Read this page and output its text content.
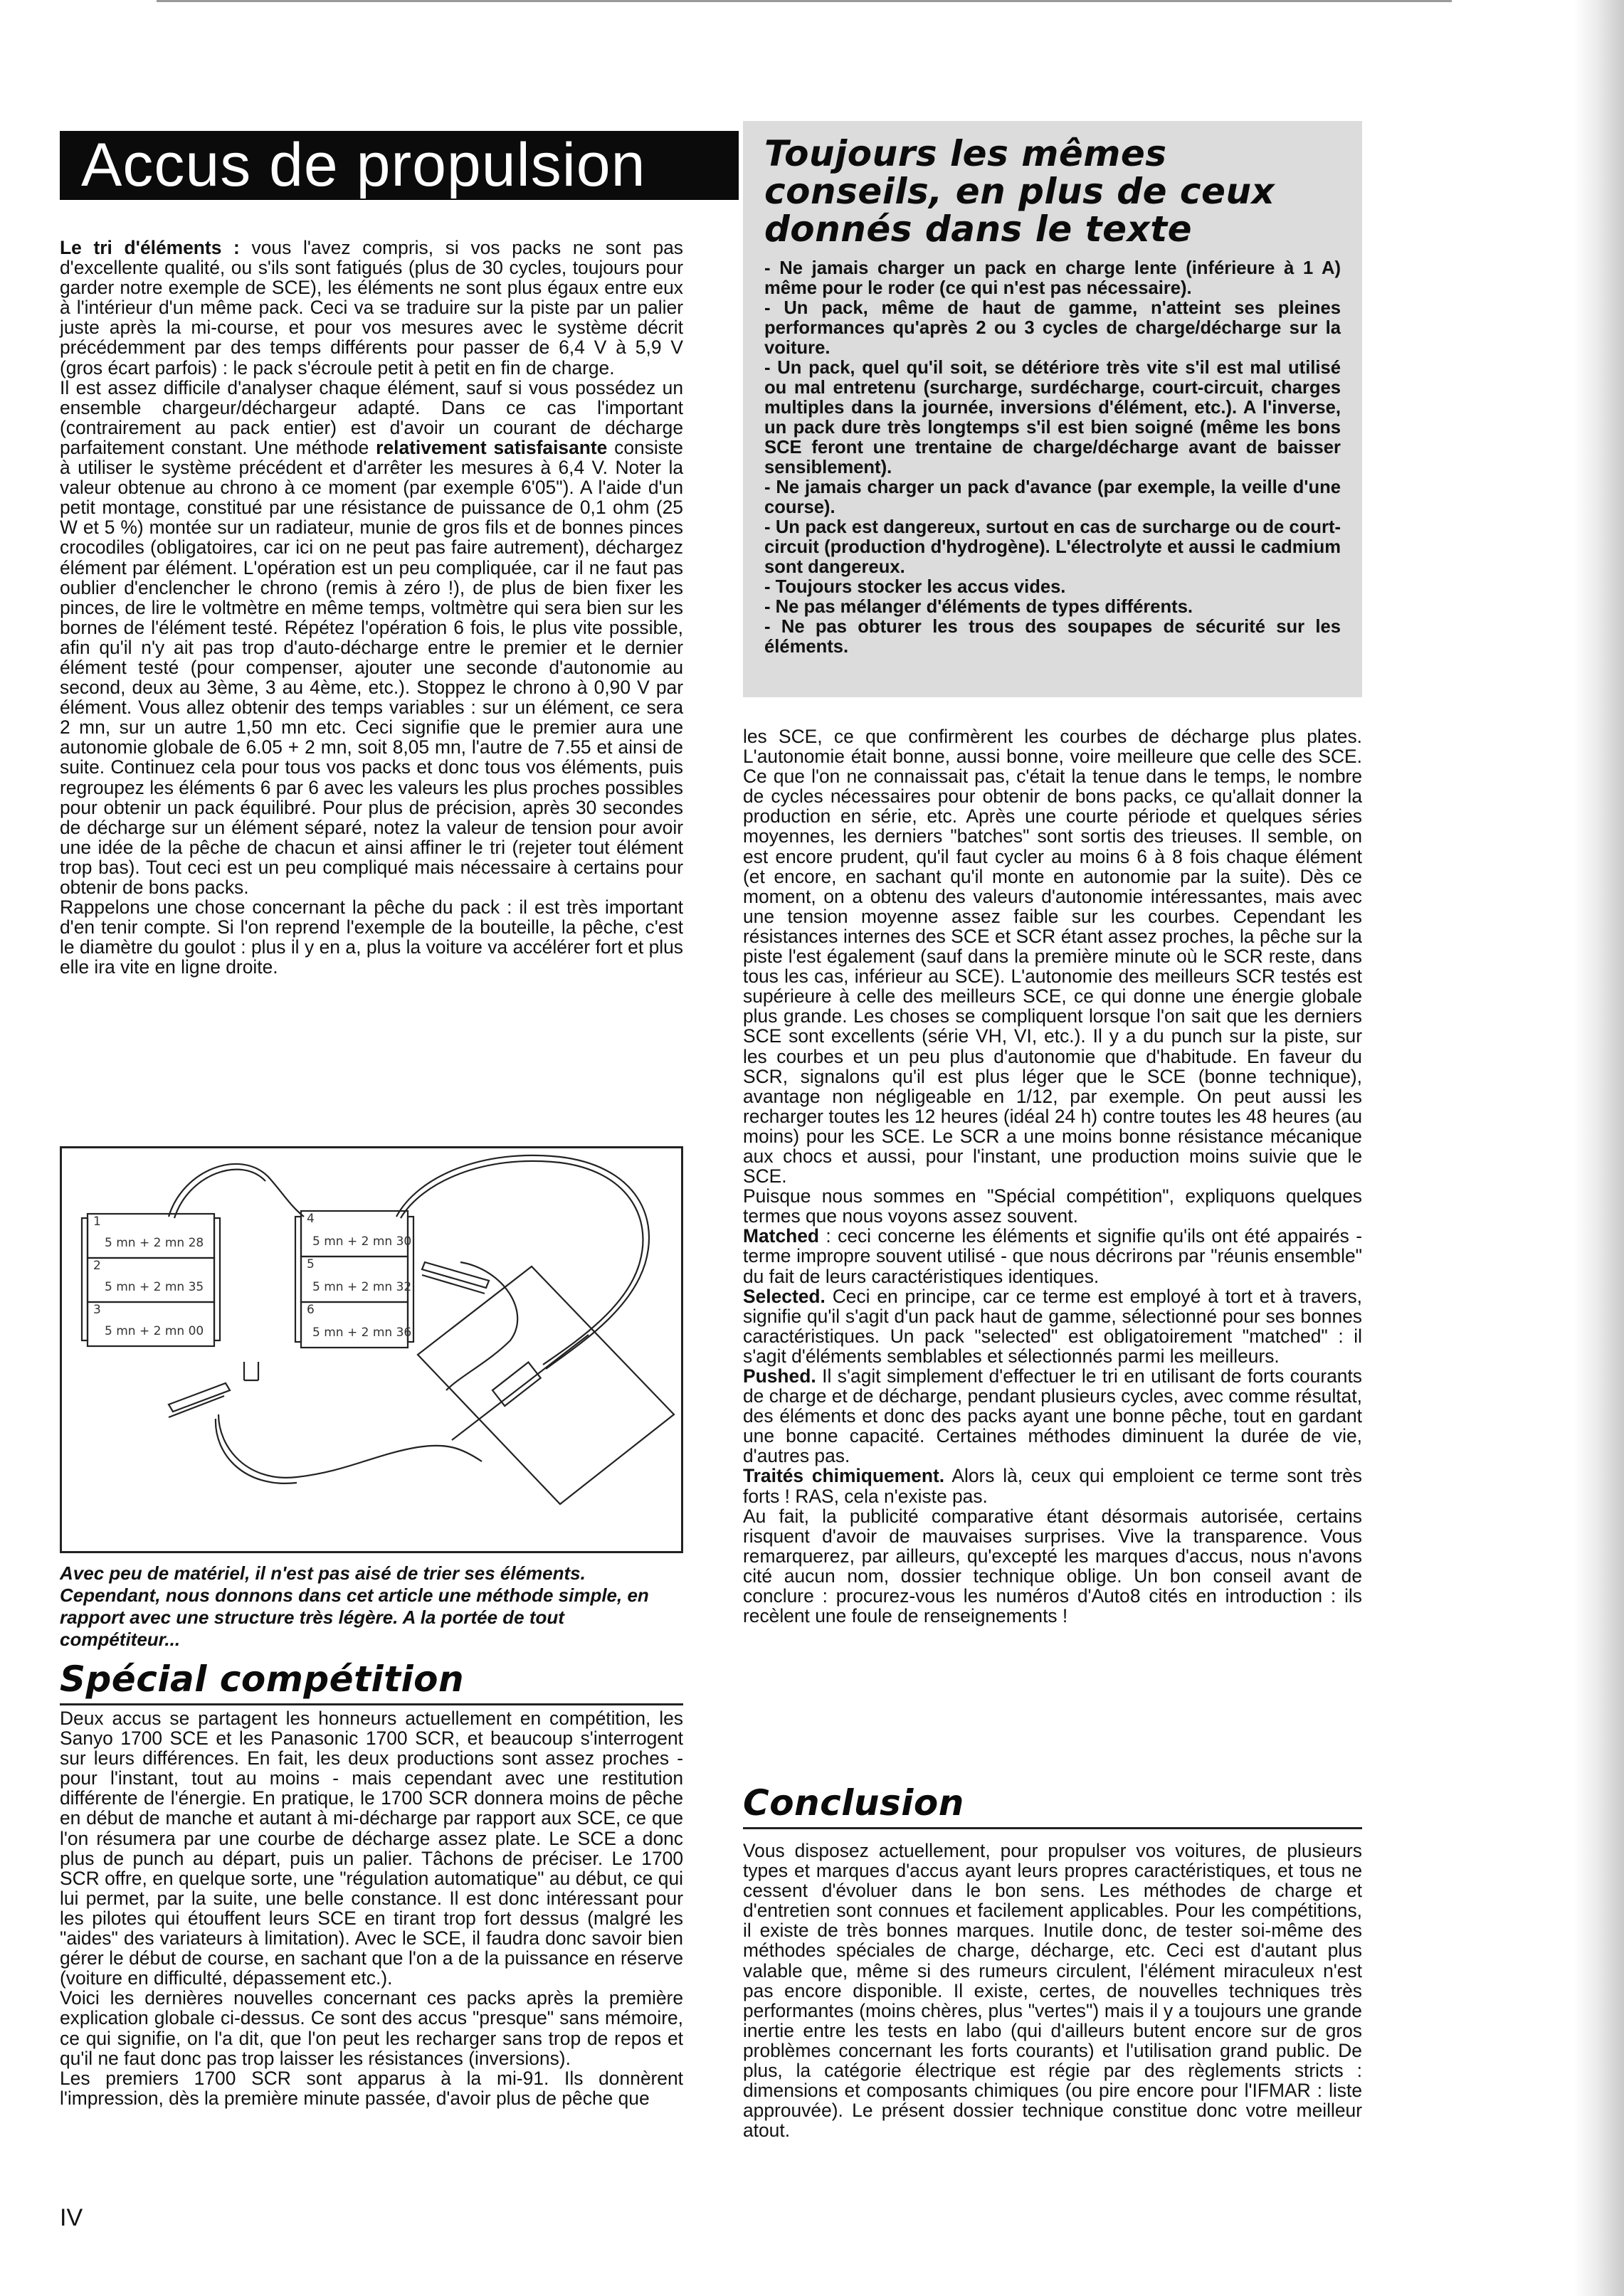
Accus de propulsion	Toujours les mêmes conseils, en plus de ceux donnés dans le texte
- Ne jamais charger un pack en charge lente (inférieure à 1 A) même pour le roder (ce qui n'est pas nécessaire).
- Un pack, même de haut de gamme, n'atteint ses pleines performances qu'après 2 ou 3 cycles de charge/décharge sur la voiture.
- Un pack, quel qu'il soit, se détériore très vite s'il est mal utilisé ou mal entretenu (surcharge, surdécharge, court-circuit, charges multiples dans la journée, inversions d'élément, etc.). A l'inverse, un pack dure très longtemps s'il est bien soigné (même les bons SCE feront une trentaine de charge/décharge avant de baisser sensiblement).
- Ne jamais charger un pack d'avance (par exemple, la veille d'une course).
- Un pack est dangereux, surtout en cas de surcharge ou de court-circuit (production d'hydrogène). L'électrolyte et aussi le cadmium sont dangereux.
- Toujours stocker les accus vides.
- Ne pas mélanger d'éléments de types différents.
- Ne pas obturer les trous des soupapes de sécurité sur les éléments.

Le tri d'éléments : vous l'avez compris, si vos packs ne sont pas d'excellente qualité, ou s'ils sont fatigués (plus de 30 cycles, toujours pour garder notre exemple de SCE), les éléments ne sont plus égaux entre eux à l'intérieur d'un même pack. Ceci va se traduire sur la piste par un palier juste après la mi-course, et pour vos mesures avec le système décrit précédemment par des temps différents pour passer de 6,4 V à 5,9 V (gros écart parfois) : le pack s'écroule petit à petit en fin de charge.

Il est assez difficile d'analyser chaque élément, sauf si vous possédez un ensemble chargeur/déchargeur adapté. Dans ce cas l'important (contrairement au pack entier) est d'avoir un courant de décharge parfaitement constant. Une méthode relativement satisfaisante consiste à utiliser le système précédent et d'arrêter les mesures à 6,4 V. Noter la valeur obtenue au chrono à ce moment (par exemple 6'05"). A l'aide d'un petit montage, constitué par une résistance de puissance de 0,1 ohm (25 W et 5 %) montée sur un radiateur, munie de gros fils et de bonnes pinces crocodiles (obligatoires, car ici on ne peut pas faire autrement), déchargez élément par élément. L'opération est un peu compliquée, car il ne faut pas oublier d'enclencher le chrono (remis à zéro !), de plus de bien fixer les pinces, de lire le voltmètre en même temps, voltmètre qui sera bien sur les bornes de l'élément testé. Répétez l'opération 6 fois, le plus vite possible, afin qu'il n'y ait pas trop d'auto-décharge entre le premier et le dernier élément testé (pour compenser, ajouter une seconde d'autonomie au second, deux au 3ème, 3 au 4ème, etc.). Stoppez le chrono à 0,90 V par élément. Vous allez obtenir des temps variables : sur un élément, ce sera 2 mn, sur un autre 1,50 mn etc. Ceci signifie que le premier aura une autonomie globale de 6.05 + 2 mn, soit 8,05 mn, l'autre de 7.55 et ainsi de suite. Continuez cela pour tous vos packs et donc tous vos éléments, puis regroupez les éléments 6 par 6 avec les valeurs les plus proches possibles pour obtenir un pack équilibré. Pour plus de précision, après 30 secondes de décharge sur un élément séparé, notez la valeur de tension pour avoir une idée de la pêche de chacun et ainsi affiner le tri (rejeter tout élément trop bas). Tout ceci est un peu compliqué mais nécessaire à certains pour obtenir de bons packs.

Rappelons une chose concernant la pêche du pack : il est très important d'en tenir compte. Si l'on reprend l'exemple de la bouteille, la pêche, c'est le diamètre du goulot : plus il y en a, plus la voiture va accélérer fort et plus elle ira vite en ligne droite.

1
5 mn + 2 mn 28
2
5 mn + 2 mn 35
3
5 mn + 2 mn 00
4
5 mn + 2 mn 30
5
5 mn + 2 mn 32
6
5 mn + 2 mn 36
Avec peu de matériel, il n'est pas aisé de trier ses éléments. Cependant, nous donnons dans cet article une méthode simple, en rapport avec une structure très légère. A la portée de tout compétiteur...
Spécial compétition

Deux accus se partagent les honneurs actuellement en compétition, les Sanyo 1700 SCE et les Panasonic 1700 SCR, et beaucoup s'interrogent sur leurs différences. En fait, les deux productions sont assez proches - pour l'instant, tout au moins - mais cependant avec une restitution différente de l'énergie. En pratique, le 1700 SCR donnera moins de pêche en début de manche et autant à mi-décharge par rapport aux SCE, ce que l'on résumera par une courbe de décharge assez plate. Le SCE a donc plus de punch au départ, puis un palier. Tâchons de préciser. Le 1700 SCR offre, en quelque sorte, une "régulation automatique" au début, ce qui lui permet, par la suite, une belle constance. Il est donc intéressant pour les pilotes qui étouffent leurs SCE en tirant trop fort dessus (malgré les "aides" des variateurs à limitation). Avec le SCE, il faudra donc savoir bien gérer le début de course, en sachant que l'on a de la puissance en réserve (voiture en difficulté, dépassement etc.).

Voici les dernières nouvelles concernant ces packs après la première explication globale ci-dessus. Ce sont des accus "presque" sans mémoire, ce qui signifie, on l'a dit, que l'on peut les recharger sans trop de repos et qu'il ne faut donc pas trop laisser les résistances (inversions).

Les premiers 1700 SCR sont apparus à la mi-91. Ils donnèrent l'impression, dès la première minute passée, d'avoir plus de pêche que

les SCE, ce que confirmèrent les courbes de décharge plus plates. L'autonomie était bonne, aussi bonne, voire meilleure que celle des SCE. Ce que l'on ne connaissait pas, c'était la tenue dans le temps, le nombre de cycles nécessaires pour obtenir de bons packs, ce qu'allait donner la production en série, etc. Après une courte période et quelques séries moyennes, les derniers "batches" sont sortis des trieuses. Il semble, on est encore prudent, qu'il faut cycler au moins 6 à 8 fois chaque élément (et encore, en sachant qu'il monte en autonomie par la suite). Dès ce moment, on a obtenu des valeurs d'autonomie intéressantes, mais avec une tension moyenne assez faible sur les courbes. Cependant les résistances internes des SCE et SCR étant assez proches, la pêche sur la piste l'est également (sauf dans la première minute où le SCR reste, dans tous les cas, inférieur au SCE). L'autonomie des meilleurs SCR testés est supérieure à celle des meilleurs SCE, ce qui donne une énergie globale plus grande. Les choses se compliquent lorsque l'on sait que les derniers SCE sont excellents (série VH, VI, etc.). Il y a du punch sur la piste, sur les courbes et un peu plus d'autonomie que d'habitude. En faveur du SCR, signalons qu'il est plus léger que le SCE (bonne technique), avantage non négligeable en 1/12, par exemple. On peut aussi les recharger toutes les 12 heures (idéal 24 h) contre toutes les 48 heures (au moins) pour les SCE. Le SCR a une moins bonne résistance mécanique aux chocs et aussi, pour l'instant, une production moins suivie que le SCE.

Puisque nous sommes en "Spécial compétition", expliquons quelques termes que nous voyons assez souvent.

Matched : ceci concerne les éléments et signifie qu'ils ont été appairés - terme impropre souvent utilisé - que nous décrirons par "réunis ensemble" du fait de leurs caractéristiques identiques.

Selected. Ceci en principe, car ce terme est employé à tort et à travers, signifie qu'il s'agit d'un pack haut de gamme, sélectionné pour ses bonnes caractéristiques. Un pack "selected" est obligatoirement "matched" : il s'agit d'éléments semblables et sélectionnés parmi les meilleurs.

Pushed. Il s'agit simplement d'effectuer le tri en utilisant de forts courants de charge et de décharge, pendant plusieurs cycles, avec comme résultat, des éléments et donc des packs ayant une bonne pêche, tout en gardant une bonne capacité. Certaines méthodes diminuent la durée de vie, d'autres pas.

Traités chimiquement. Alors là, ceux qui emploient ce terme sont très forts ! RAS, cela n'existe pas.

Au fait, la publicité comparative étant désormais autorisée, certains risquent d'avoir de mauvaises surprises. Vive la transparence. Vous remarquerez, par ailleurs, qu'excepté les marques d'accus, nous n'avons cité aucun nom, dossier technique oblige. Un bon conseil avant de conclure : procurez-vous les numéros d'Auto8 cités en introduction : ils recèlent une foule de renseignements !

Conclusion

Vous disposez actuellement, pour propulser vos voitures, de plusieurs types et marques d'accus ayant leurs propres caractéristiques, et tous ne cessent d'évoluer dans le bon sens. Les méthodes de charge et d'entretien sont connues et facilement applicables. Pour les compétitions, il existe de très bonnes marques. Inutile donc, de tester soi-même des méthodes spéciales de charge, décharge, etc. Ceci est d'autant plus valable que, même si des rumeurs circulent, l'élément miraculeux n'est pas encore disponible. Il existe, certes, de nouvelles techniques très performantes (moins chères, plus "vertes") mais il y a toujours une grande inertie entre les tests en labo (qui d'ailleurs butent encore sur de gros problèmes concernant les forts courants) et l'utilisation grand public. De plus, la catégorie électrique est régie par des règlements stricts : dimensions et composants chimiques (ou pire encore pour l'IFMAR : liste approuvée). Le présent dossier technique constitue donc votre meilleur atout.

IV
